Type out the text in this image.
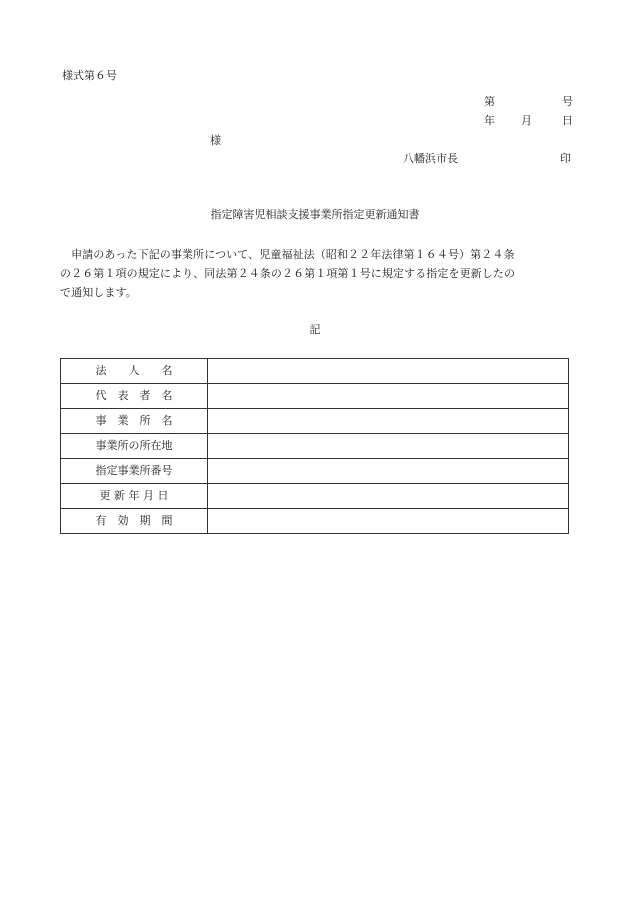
様式第６号
第	号
年 月	日
様
八幡浜市長	印
指定障害児相談支援事業所指定更新通知書
　申請のあった下記の事業所について、児童福祉法（昭和２２年法律第１６４号）第２４条
の２６第１項の規定により、同法第２４条の２６第１項第１号に規定する指定を更新したの
で通知します。
記
法　　人　　名	
代　表　者　名	
事　業　所　名	
事業所の所在地	
指定事業所番号	
更 新 年 月 日	
有　効　期　間	
